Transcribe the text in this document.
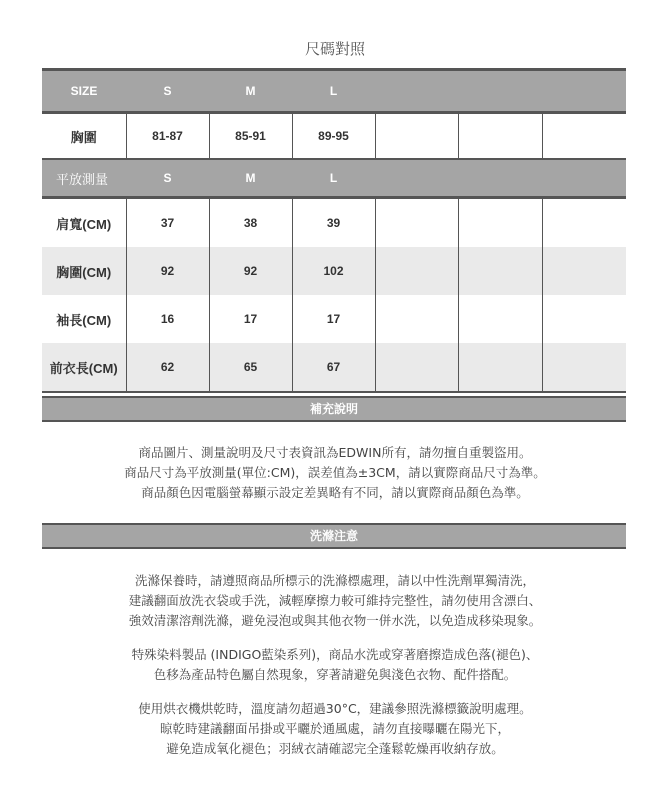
尺碼對照
SIZE	S	M	L			
胸圍	81-87	85-91	89-95			
平放測量	S	M	L			
肩寬(CM)	37	38	39			
胸圍(CM)	92	92	102			
袖長(CM)	16	17	17			
前衣長(CM)	62	65	67			
補充說明

商品圖片、測量說明及尺寸表資訊為EDWIN所有，請勿擅自重製盜用。

商品尺寸為平放測量(單位:CM)，誤差值為±3CM，請以實際商品尺寸為準。

商品顏色因電腦螢幕顯示設定差異略有不同，請以實際商品顏色為準。

洗滌注意

洗滌保養時，請遵照商品所標示的洗滌標處理，請以中性洗劑單獨清洗，

建議翻面放洗衣袋或手洗，減輕摩擦力較可維持完整性，請勿使用含漂白、

強效清潔溶劑洗滌，避免浸泡或與其他衣物一併水洗，以免造成移染現象。

特殊染料製品 (INDIGO藍染系列)，商品水洗或穿著磨擦造成色落(褪色)、

色移為產品特色屬自然現象，穿著請避免與淺色衣物、配件搭配。

使用烘衣機烘乾時，溫度請勿超過30°C，建議參照洗滌標籤說明處理。

晾乾時建議翻面吊掛或平曬於通風處，請勿直接曝曬在陽光下，

避免造成氧化褪色；羽絨衣請確認完全蓬鬆乾燥再收納存放。
